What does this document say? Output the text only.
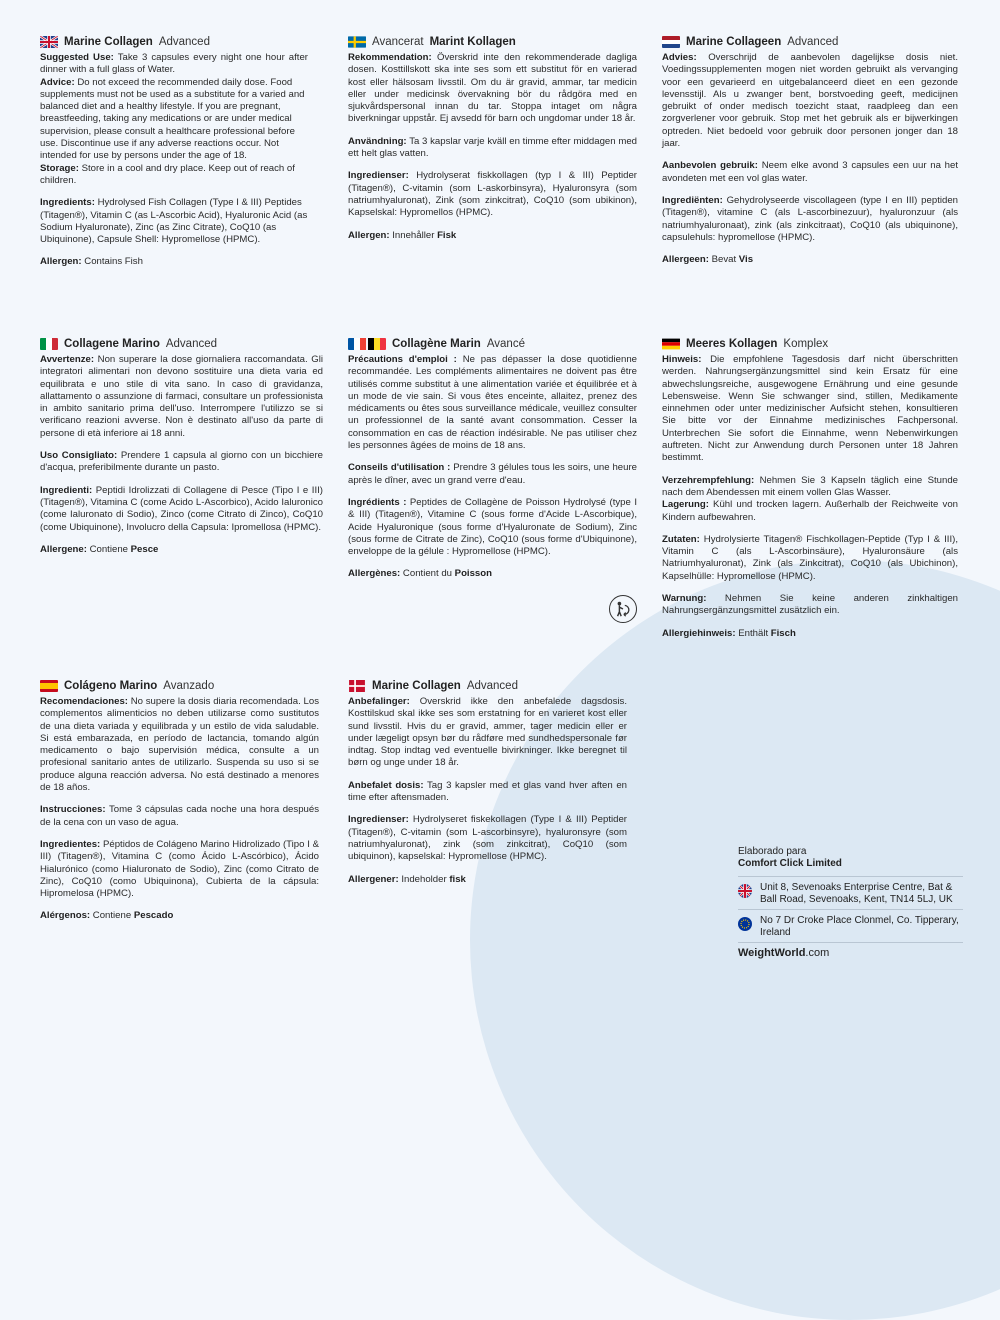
Marine Collagen Advanced

Suggested Use: Take 3 capsules every night one hour after dinner with a full glass of Water.

Advice: Do not exceed the recommended daily dose. Food supplements must not be used as a substitute for a varied and balanced diet and a healthy lifestyle. If you are pregnant, breastfeeding, taking any medications or are under medical supervision, please consult a healthcare professional before use. Discontinue use if any adverse reactions occur. Not intended for use by persons under the age of 18.

Storage: Store in a cool and dry place. Keep out of reach of children.

Ingredients: Hydrolysed Fish Collagen (Type I & III) Peptides (Titagen®), Vitamin C (as L-Ascorbic Acid), Hyaluronic Acid (as Sodium Hyaluronate), Zinc (as Zinc Citrate), CoQ10 (as Ubiquinone), Capsule Shell: Hypromellose (HPMC).

Allergen: Contains Fish

Avancerat Marint Kollagen

Rekommendation: Överskrid inte den rekommenderade dagliga dosen. Kosttillskott ska inte ses som ett substitut för en varierad kost eller hälsosam livsstil. Om du är gravid, ammar, tar medicin eller under medicinsk övervakning bör du rådgöra med en sjukvårdspersonal innan du tar. Stoppa intaget om några biverkningar uppstår. Ej avsedd för barn och ungdomar under 18 år.

Användning: Ta 3 kapslar varje kväll en timme efter middagen med ett helt glas vatten.

Ingredienser: Hydrolyserat fiskkollagen (typ I & III) Peptider (Titagen®), C-vitamin (som L-askorbinsyra), Hyaluronsyra (som natriumhyaluronat), Zink (som zinkcitrat), CoQ10 (som ubikinon), Kapselskal: Hypromellos (HPMC).

Allergen: Innehåller Fisk

Marine Collageen Advanced

Advies: Overschrijd de aanbevolen dagelijkse dosis niet. Voedingssupplementen mogen niet worden gebruikt als vervanging voor een gevarieerd en uitgebalanceerd dieet en een gezonde levensstijl. Als u zwanger bent, borstvoeding geeft, medicijnen gebruikt of onder medisch toezicht staat, raadpleeg dan een zorgverlener voor gebruik. Stop met het gebruik als er bijwerkingen optreden. Niet bedoeld voor gebruik door personen jonger dan 18 jaar.

Aanbevolen gebruik: Neem elke avond 3 capsules een uur na het avondeten met een vol glas water.

Ingrediënten: Gehydrolyseerde viscollageen (type I en III) peptiden (Titagen®), vitamine C (als L-ascorbinezuur), hyaluronzuur (als natriumhyaluronaat), zink (als zinkcitraat), CoQ10 (als ubiquinone), capsulehuls: hypromellose (HPMC).

Allergeen: Bevat Vis

Collagene Marino Advanced

Avvertenze: Non superare la dose giornaliera raccomandata. Gli integratori alimentari non devono sostituire una dieta varia ed equilibrata e uno stile di vita sano. In caso di gravidanza, allattamento o assunzione di farmaci, consultare un professionista in ambito sanitario prima dell'uso. Interrompere l'utilizzo se si verificano reazioni avverse. Non è destinato all'uso da parte di persone di età inferiore ai 18 anni.

Uso Consigliato: Prendere 1 capsula al giorno con un bicchiere d'acqua, preferibilmente durante un pasto.

Ingredienti: Peptidi Idrolizzati di Collagene di Pesce (Tipo I e III) (Titagen®), Vitamina C (come Acido L-Ascorbico), Acido Ialuronico (come Ialuronato di Sodio), Zinco (come Citrato di Zinco), CoQ10 (come Ubiquinone), Involucro della Capsula: Ipromellosa (HPMC).

Allergene: Contiene Pesce

Collagène Marin Avancé

Précautions d'emploi : Ne pas dépasser la dose quotidienne recommandée. Les compléments alimentaires ne doivent pas être utilisés comme substitut à une alimentation variée et équilibrée et à un mode de vie sain. Si vous êtes enceinte, allaitez, prenez des médicaments ou êtes sous surveillance médicale, veuillez consulter un professionnel de la santé avant consommation. Cesser la consommation en cas de réaction indésirable. Ne pas utiliser chez les personnes âgées de moins de 18 ans.

Conseils d'utilisation : Prendre 3 gélules tous les soirs, une heure après le dîner, avec un grand verre d'eau.

Ingrédients : Peptides de Collagène de Poisson Hydrolysé (type I & III) (Titagen®), Vitamine C (sous forme d'Acide L-Ascorbique), Acide Hyaluronique (sous forme d'Hyaluronate de Sodium), Zinc (sous forme de Citrate de Zinc), CoQ10 (sous forme d'Ubiquinone), enveloppe de la gélule : Hypromellose (HPMC).

Allergènes: Contient du Poisson

Meeres Kollagen Komplex

Hinweis: Die empfohlene Tagesdosis darf nicht überschritten werden. Nahrungsergänzungsmittel sind kein Ersatz für eine abwechslungsreiche, ausgewogene Ernährung und eine gesunde Lebensweise. Wenn Sie schwanger sind, stillen, Medikamente einnehmen oder unter medizinischer Aufsicht stehen, konsultieren Sie bitte vor der Einnahme medizinisches Fachpersonal. Unterbrechen Sie sofort die Einnahme, wenn Nebenwirkungen auftreten. Nicht zur Anwendung durch Personen unter 18 Jahren bestimmt.

Verzehrempfehlung: Nehmen Sie 3 Kapseln täglich eine Stunde nach dem Abendessen mit einem vollen Glas Wasser.

Lagerung: Kühl und trocken lagern. Außerhalb der Reichweite von Kindern aufbewahren.

Zutaten: Hydrolysierte Titagen® Fischkollagen-Peptide (Typ I & III), Vitamin C (als L-Ascorbinsäure), Hyaluronsäure (als Natriumhyaluronat), Zink (als Zinkcitrat), CoQ10 (als Ubichinon), Kapselhülle: Hypromellose (HPMC).

Warnung: Nehmen Sie keine anderen zinkhaltigen Nahrungsergänzungsmittel zusätzlich ein.

Allergiehinweis: Enthält Fisch

Colágeno Marino Avanzado

Recomendaciones: No supere la dosis diaria recomendada. Los complementos alimenticios no deben utilizarse como sustitutos de una dieta variada y equilibrada y un estilo de vida saludable. Si está embarazada, en período de lactancia, tomando algún medicamento o bajo supervisión médica, consulte a un profesional sanitario antes de utilizarlo. Suspenda su uso si se produce alguna reacción adversa. No está destinado a menores de 18 años.

Instrucciones: Tome 3 cápsulas cada noche una hora después de la cena con un vaso de agua.

Ingredientes: Péptidos de Colágeno Marino Hidrolizado (Tipo I & III) (Titagen®), Vitamina C (como Ácido L-Ascórbico), Ácido Hialurónico (como Hialuronato de Sodio), Zinc (como Citrato de Zinc), CoQ10 (como Ubiquinona), Cubierta de la cápsula: Hipromelosa (HPMC).

Alérgenos: Contiene Pescado

Marine Collagen Advanced

Anbefalinger: Overskrid ikke den anbefalede dagsdosis. Kosttilskud skal ikke ses som erstatning for en varieret kost eller sund livsstil. Hvis du er gravid, ammer, tager medicin eller er under lægeligt opsyn bør du rådføre med sundhedspersonale før indtag. Stop indtag ved eventuelle bivirkninger. Ikke beregnet til børn og unge under 18 år.

Anbefalet dosis: Tag 3 kapsler med et glas vand hver aften en time efter aftensmaden.

Ingredienser: Hydrolyseret fiskekollagen (Type I & III) Peptider (Titagen®), C-vitamin (som L-ascorbinsyre), hyaluronsyre (som natriumhyaluronat), zink (som zinkcitrat), CoQ10 (som ubiquinon), kapselskal: Hypromellose (HPMC).

Allergener: Indeholder fisk

Elaborado para
Comfort Click Limited
Unit 8, Sevenoaks Enterprise Centre, Bat & Ball Road, Sevenoaks, Kent, TN14 5LJ, UK
No 7 Dr Croke Place Clonmel, Co. Tipperary, Ireland
WeightWorld.com
